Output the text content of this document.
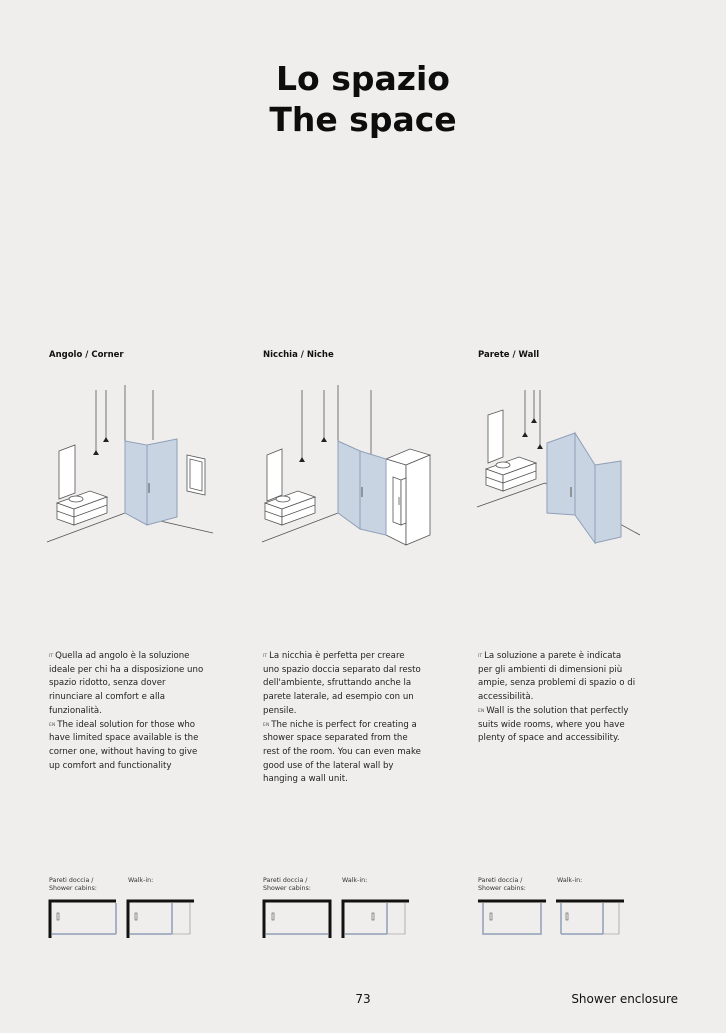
Lo spazio
The space
Angolo / Corner	Nicchia / Niche	Parete / Wall

$^{IT}$ Quella ad angolo è la soluzione ideale per chi ha a disposizione uno spazio ridotto, senza dover rinunciare al comfort e alla funzionalità.

$^{EN}$ The ideal solution for those who have limited space available is the corner one, without having to give up comfort and functionality

$^{IT}$ La nicchia è perfetta per creare uno spazio doccia separato dal resto dell'ambiente, sfruttando anche la parete laterale, ad esempio con un pensile.

$^{EN}$ The niche is perfect for creating a shower space separated from the rest of the room. You can even make good use of the lateral wall by hanging a wall unit.

$^{IT}$ La soluzione a parete è indicata per gli ambienti di dimensioni più ampie, senza problemi di spazio o di accessibilità.

$^{EN}$ Wall is the solution that perfectly suits wide rooms, where you have plenty of space and accessibility.

Pareti doccia /
Shower cabins:
Walk-in:	Pareti doccia /
Shower cabins:
Walk-in:	Pareti doccia /
Shower cabins:
Walk-in:
73	Shower enclosure
